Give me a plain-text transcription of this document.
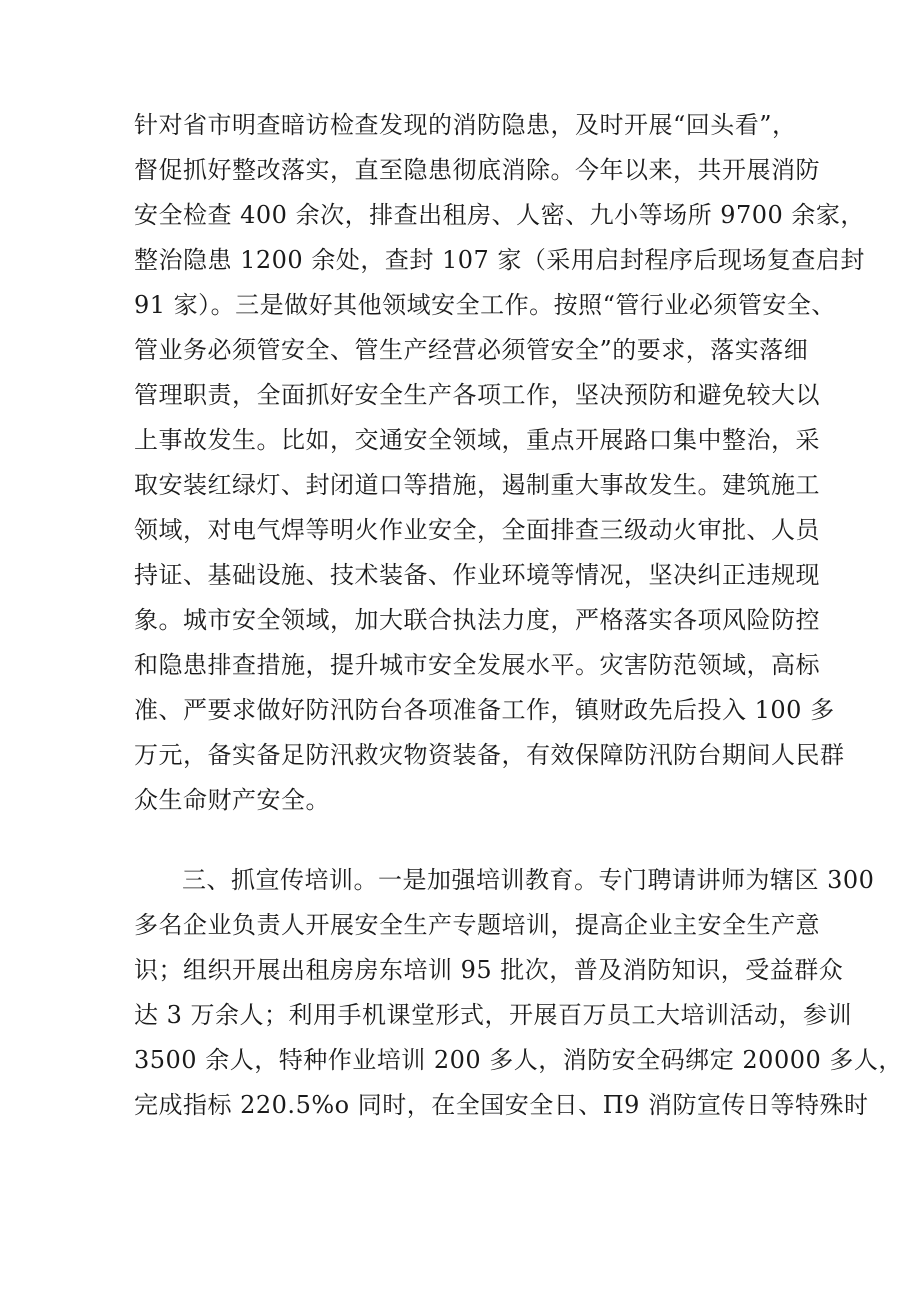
针对省市明查暗访检查发现的消防隐患，及时开展“回头看”，
督促抓好整改落实，直至隐患彻底消除。今年以来，共开展消防
安全检查 400 余次，排查出租房、人密、九小等场所 9700 余家，
整治隐患 1200 余处，查封 107 家（采用启封程序后现场复查启封
91 家）。三是做好其他领域安全工作。按照“管行业必须管安全、
管业务必须管安全、管生产经营必须管安全”的要求，落实落细
管理职责，全面抓好安全生产各项工作，坚决预防和避免较大以
上事故发生。比如，交通安全领域，重点开展路口集中整治，采
取安装红绿灯、封闭道口等措施，遏制重大事故发生。建筑施工
领域，对电气焊等明火作业安全，全面排查三级动火审批、人员
持证、基础设施、技术装备、作业环境等情况，坚决纠正违规现
象。城市安全领域，加大联合执法力度，严格落实各项风险防控
和隐患排查措施，提升城市安全发展水平。灾害防范领域，高标
准、严要求做好防汛防台各项准备工作，镇财政先后投入 100 多
万元，备实备足防汛救灾物资装备，有效保障防汛防台期间人民群
众生命财产安全。
三、抓宣传培训。一是加强培训教育。专门聘请讲师为辖区 300
多名企业负责人开展安全生产专题培训，提高企业主安全生产意
识；组织开展出租房房东培训 95 批次，普及消防知识，受益群众
达 3 万余人；利用手机课堂形式，开展百万员工大培训活动，参训
3500 余人，特种作业培训 200 多人，消防安全码绑定 20000 多人，
完成指标 220.5%o 同时，在全国安全日、Π9 消防宣传日等特殊时
